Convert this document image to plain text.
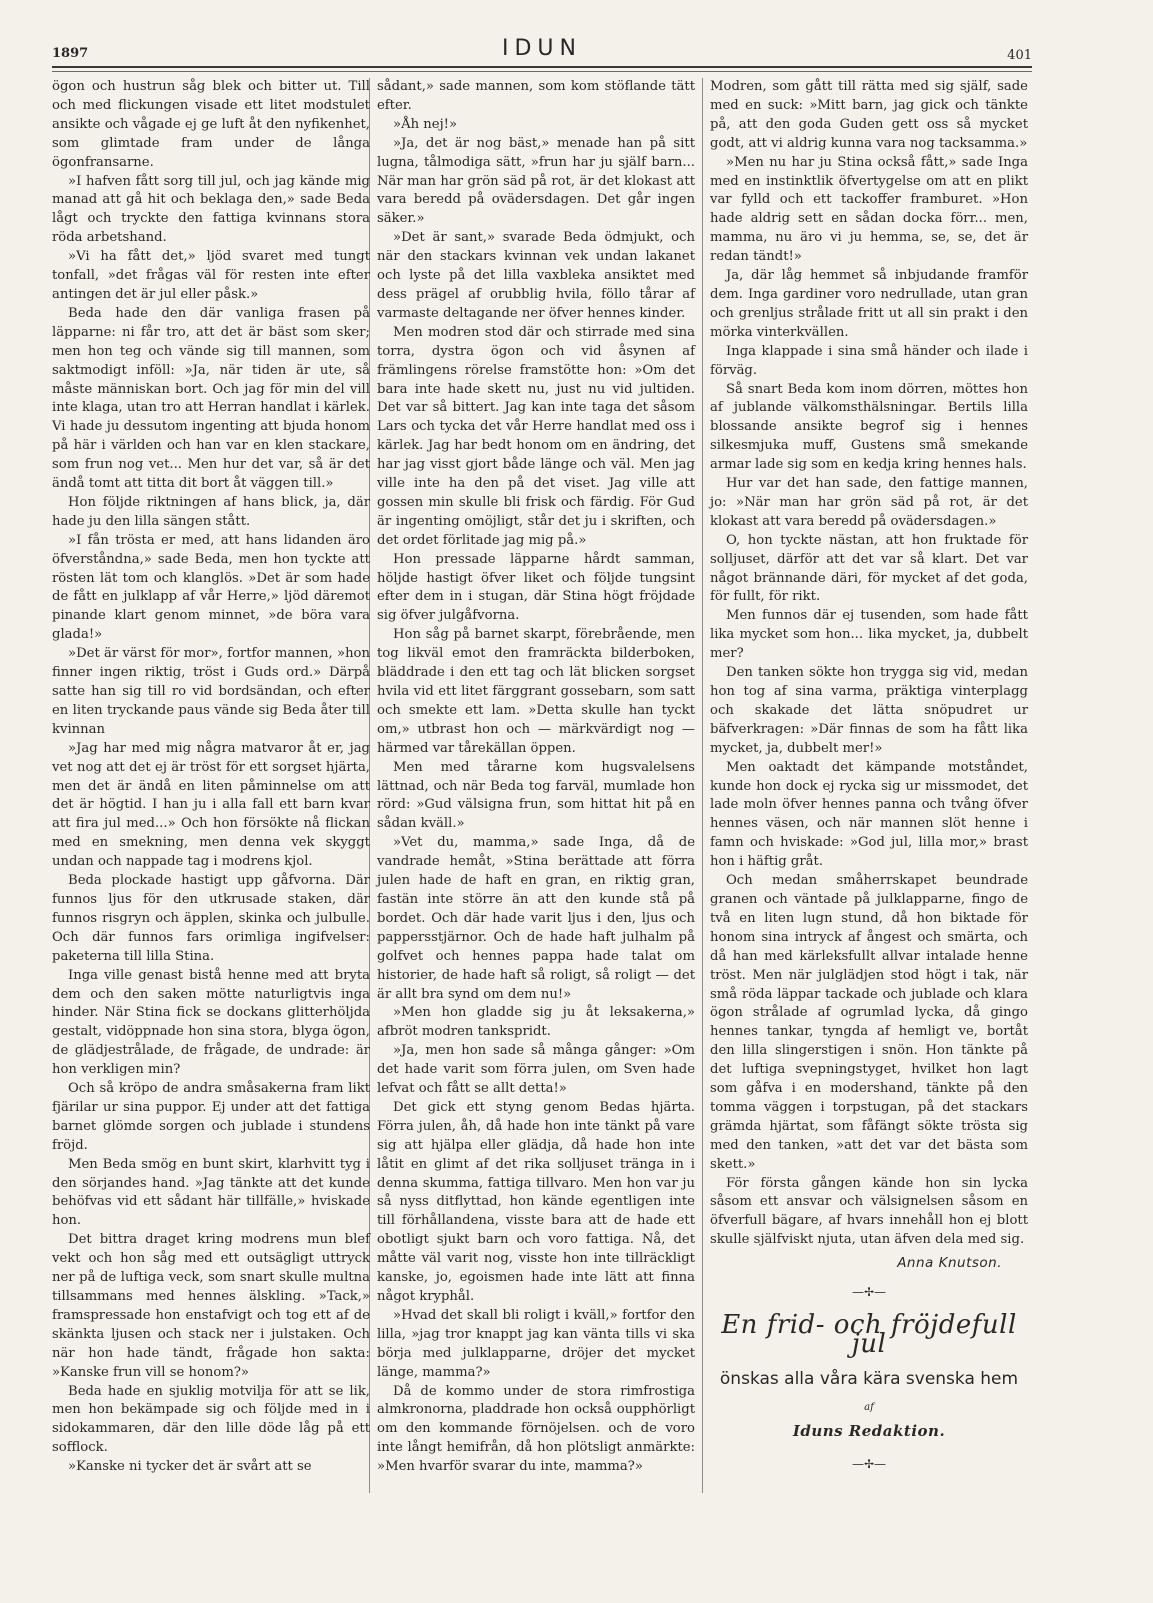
1897	IDUN	401

ögon och hustrun såg blek och bitter ut. Till och med flickungen visade ett litet modstulet ansikte och vågade ej ge luft åt den nyfikenhet, som glimtade fram under de långa ögonfransarne.

»I hafven fått sorg till jul, och jag kände mig manad att gå hit och beklaga den,» sade Beda lågt och tryckte den fattiga kvinnans stora röda arbetshand.

»Vi ha fått det,» ljöd svaret med tungt tonfall, »det frågas väl för resten inte efter antingen det är jul eller påsk.»

Beda hade den där vanliga frasen på läpparne: ni får tro, att det är bäst som sker; men hon teg och vände sig till mannen, som saktmodigt inföll: »Ja, när tiden är ute, så måste människan bort. Och jag för min del vill inte klaga, utan tro att Herran handlat i kärlek. Vi hade ju dessutom ingenting att bjuda honom på här i världen och han var en klen stackare, som frun nog vet... Men hur det var, så är det ändå tomt att titta dit bort åt väggen till.»

Hon följde riktningen af hans blick, ja, där hade ju den lilla sängen stått.

»I fån trösta er med, att hans lidanden äro öfverståndna,» sade Beda, men hon tyckte att rösten lät tom och klanglös. »Det är som hade de fått en julklapp af vår Herre,» ljöd däremot pinande klart genom minnet, »de böra vara glada!»

»Det är värst för mor», fortfor mannen, »hon finner ingen riktig, tröst i Guds ord.» Därpå satte han sig till ro vid bordsändan, och efter en liten tryckande paus vände sig Beda åter till kvinnan

»Jag har med mig några matvaror åt er, jag vet nog att det ej är tröst för ett sorgset hjärta, men det är ändå en liten påminnelse om att det är högtid. I han ju i alla fall ett barn kvar att fira jul med...» Och hon försökte nå flickan med en smekning, men denna vek skyggt undan och nappade tag i modrens kjol.

Beda plockade hastigt upp gåfvorna. Där funnos ljus för den utkrusade staken, där funnos risgryn och äpplen, skinka och julbulle. Och där funnos fars orimliga ingifvelser: paketerna till lilla Stina.

Inga ville genast bistå henne med att bryta dem och den saken mötte naturligtvis inga hinder. När Stina fick se dockans glitterhöljda gestalt, vidöppnade hon sina stora, blyga ögon, de glädjestrålade, de frågade, de undrade: är hon verkligen min?

Och så kröpo de andra småsakerna fram likt fjärilar ur sina puppor. Ej under att det fattiga barnet glömde sorgen och jublade i stundens fröjd.

Men Beda smög en bunt skirt, klarhvitt tyg i den sörjandes hand. »Jag tänkte att det kunde behöfvas vid ett sådant här tillfälle,» hviskade hon.

Det bittra draget kring modrens mun blef vekt och hon såg med ett outsägligt uttryck ner på de luftiga veck, som snart skulle multna tillsammans med hennes älskling. »Tack,» framspressade hon enstafvigt och tog ett af de skänkta ljusen och stack ner i julstaken. Och när hon hade tändt, frågade hon sakta: »Kanske frun vill se honom?»

Beda hade en sjuklig motvilja för att se lik, men hon bekämpade sig och följde med in i sidokammaren, där den lille döde låg på ett sofflock.

»Kanske ni tycker det är svårt att se

sådant,» sade mannen, som kom stöflande tätt efter.

»Åh nej!»

»Ja, det är nog bäst,» menade han på sitt lugna, tålmodiga sätt, »frun har ju själf barn... När man har grön säd på rot, är det klokast att vara beredd på ovädersdagen. Det går ingen säker.»

»Det är sant,» svarade Beda ödmjukt, och när den stackars kvinnan vek undan lakanet och lyste på det lilla vaxbleka ansiktet med dess prägel af orubblig hvila, föllo tårar af varmaste deltagande ner öfver hennes kinder.

Men modren stod där och stirrade med sina torra, dystra ögon och vid åsynen af främlingens rörelse framstötte hon: »Om det bara inte hade skett nu, just nu vid jultiden. Det var så bittert. Jag kan inte taga det såsom Lars och tycka det vår Herre handlat med oss i kärlek. Jag har bedt honom om en ändring, det har jag visst gjort både länge och väl. Men jag ville inte ha den på det viset. Jag ville att gossen min skulle bli frisk och färdig. För Gud är ingenting omöjligt, står det ju i skriften, och det ordet förlitade jag mig på.»

Hon pressade läpparne hårdt samman, höljde hastigt öfver liket och följde tungsint efter dem in i stugan, där Stina högt fröjdade sig öfver julgåfvorna.

Hon såg på barnet skarpt, förebrående, men tog likväl emot den framräckta bilderboken, bläddrade i den ett tag och lät blicken sorgset hvila vid ett litet färggrant gossebarn, som satt och smekte ett lam. »Detta skulle han tyckt om,» utbrast hon och — märkvärdigt nog — härmed var tårekällan öppen.

Men med tårarne kom hugsvalelsens lättnad, och när Beda tog farväl, mumlade hon rörd: »Gud välsigna frun, som hittat hit på en sådan kväll.»

»Vet du, mamma,» sade Inga, då de vandrade hemåt, »Stina berättade att förra julen hade de haft en gran, en riktig gran, fastän inte större än att den kunde stå på bordet. Och där hade varit ljus i den, ljus och pappersstjärnor. Och de hade haft julhalm på golfvet och hennes pappa hade talat om historier, de hade haft så roligt, så roligt — det är allt bra synd om dem nu!»

»Men hon gladde sig ju åt leksakerna,» afbröt modren tankspridt.

»Ja, men hon sade så många gånger: »Om det hade varit som förra julen, om Sven hade lefvat och fått se allt detta!»

Det gick ett styng genom Bedas hjärta. Förra julen, åh, då hade hon inte tänkt på vare sig att hjälpa eller glädja, då hade hon inte låtit en glimt af det rika solljuset tränga in i denna skumma, fattiga tillvaro. Men hon var ju så nyss ditflyttad, hon kände egentligen inte till förhållandena, visste bara att de hade ett obotligt sjukt barn och voro fattiga. Nå, det måtte väl varit nog, visste hon inte tillräckligt kanske, jo, egoismen hade inte lätt att finna något kryphål.

»Hvad det skall bli roligt i kväll,» fortfor den lilla, »jag tror knappt jag kan vänta tills vi ska börja med julklapparne, dröjer det mycket länge, mamma?»

Då de kommo under de stora rimfrostiga almkronorna, pladdrade hon också oupphörligt om den kommande förnöjelsen. och de voro inte långt hemifrån, då hon plötsligt anmärkte: »Men hvarför svarar du inte, mamma?»

Modren, som gått till rätta med sig själf, sade med en suck: »Mitt barn, jag gick och tänkte på, att den goda Guden gett oss så mycket godt, att vi aldrig kunna vara nog tacksamma.»

»Men nu har ju Stina också fått,» sade Inga med en instinktlik öfvertygelse om att en plikt var fylld och ett tackoffer framburet. »Hon hade aldrig sett en sådan docka förr... men, mamma, nu äro vi ju hemma, se, se, det är redan tändt!»

Ja, där låg hemmet så inbjudande framför dem. Inga gardiner voro nedrullade, utan gran och grenljus strålade fritt ut all sin prakt i den mörka vinterkvällen.

Inga klappade i sina små händer och ilade i förväg.

Så snart Beda kom inom dörren, möttes hon af jublande välkomsthälsningar. Bertils lilla blossande ansikte begrof sig i hennes silkesmjuka muff, Gustens små smekande armar lade sig som en kedja kring hennes hals.

Hur var det han sade, den fattige mannen, jo: »När man har grön säd på rot, är det klokast att vara beredd på ovädersdagen.»

O, hon tyckte nästan, att hon fruktade för solljuset, därför att det var så klart. Det var något brännande däri, för mycket af det goda, för fullt, för rikt.

Men funnos där ej tusenden, som hade fått lika mycket som hon... lika mycket, ja, dubbelt mer?

Den tanken sökte hon trygga sig vid, medan hon tog af sina varma, präktiga vinterplagg och skakade det lätta snöpudret ur bäfverkragen: »Där finnas de som ha fått lika mycket, ja, dubbelt mer!»

Men oaktadt det kämpande motståndet, kunde hon dock ej rycka sig ur missmodet, det lade moln öfver hennes panna och tvång öfver hennes väsen, och när mannen slöt henne i famn och hviskade: »God jul, lilla mor,» brast hon i häftig gråt.

Och medan småherrskapet beundrade granen och väntade på julklapparne, fingo de två en liten lugn stund, då hon biktade för honom sina intryck af ångest och smärta, och då han med kärleksfullt allvar intalade henne tröst. Men när julglädjen stod högt i tak, när små röda läppar tackade och jublade och klara ögon strålade af ogrumlad lycka, då gingo hennes tankar, tyngda af hemligt ve, bortåt den lilla slingerstigen i snön. Hon tänkte på det luftiga svepningstyget, hvilket hon lagt som gåfva i en modershand, tänkte på den tomma väggen i torpstugan, på det stackars grämda hjärtat, som fåfängt sökte trösta sig med den tanken, »att det var det bästa som skett.»

För första gången kände hon sin lycka såsom ett ansvar och välsignelsen såsom en öfverfull bägare, af hvars innehåll hon ej blott skulle själfviskt njuta, utan äfven dela med sig.

Anna Knutson.
—✢—
En frid- och fröjdefull jul
önskas alla våra kära svenska hem
af
Iduns Redaktion.
—✢—
